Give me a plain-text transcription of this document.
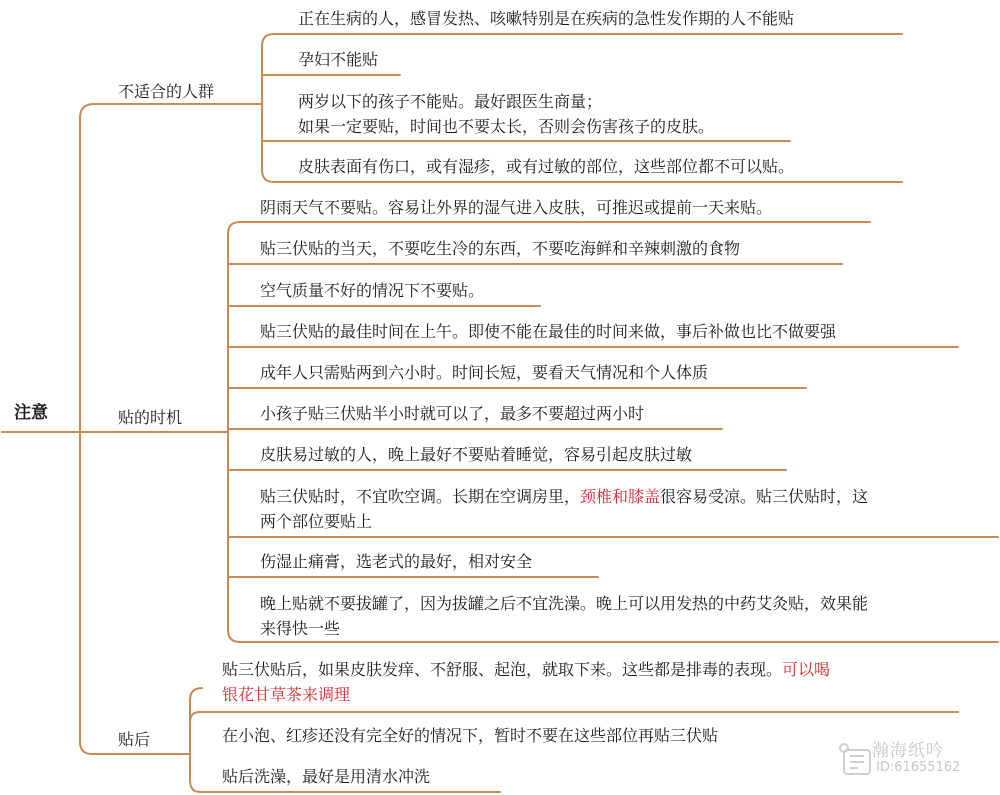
注意
不适合的人群
贴的时机
贴后
正在生病的人，感冒发热、咳嗽特别是在疾病的急性发作期的人不能贴
孕妇不能贴
两岁以下的孩子不能贴。最好跟医生商量；
如果一定要贴，时间也不要太长，否则会伤害孩子的皮肤。
皮肤表面有伤口，或有湿疹，或有过敏的部位，这些部位都不可以贴。
阴雨天气不要贴。容易让外界的湿气进入皮肤，可推迟或提前一天来贴。
贴三伏贴的当天，不要吃生冷的东西，不要吃海鲜和辛辣刺激的食物
空气质量不好的情况下不要贴。
贴三伏贴的最佳时间在上午。即使不能在最佳的时间来做，事后补做也比不做要强
成年人只需贴两到六小时。时间长短，要看天气情况和个人体质
小孩子贴三伏贴半小时就可以了，最多不要超过两小时
皮肤易过敏的人，晚上最好不要贴着睡觉，容易引起皮肤过敏
贴三伏贴时，不宜吹空调。长期在空调房里，颈椎和膝盖很容易受凉。贴三伏贴时，这
两个部位要贴上
伤湿止痛膏，选老式的最好，相对安全
晚上贴就不要拔罐了，因为拔罐之后不宜洗澡。晚上可以用发热的中药艾灸贴，效果能
来得快一些
贴三伏贴后，如果皮肤发痒、不舒服、起泡，就取下来。这些都是排毒的表现。可以喝
银花甘草茶来调理
在小泡、红疹还没有完全好的情况下，暂时不要在这些部位再贴三伏贴
贴后洗澡，最好是用清水冲洗
瀚海纸吟
ID:61655162
